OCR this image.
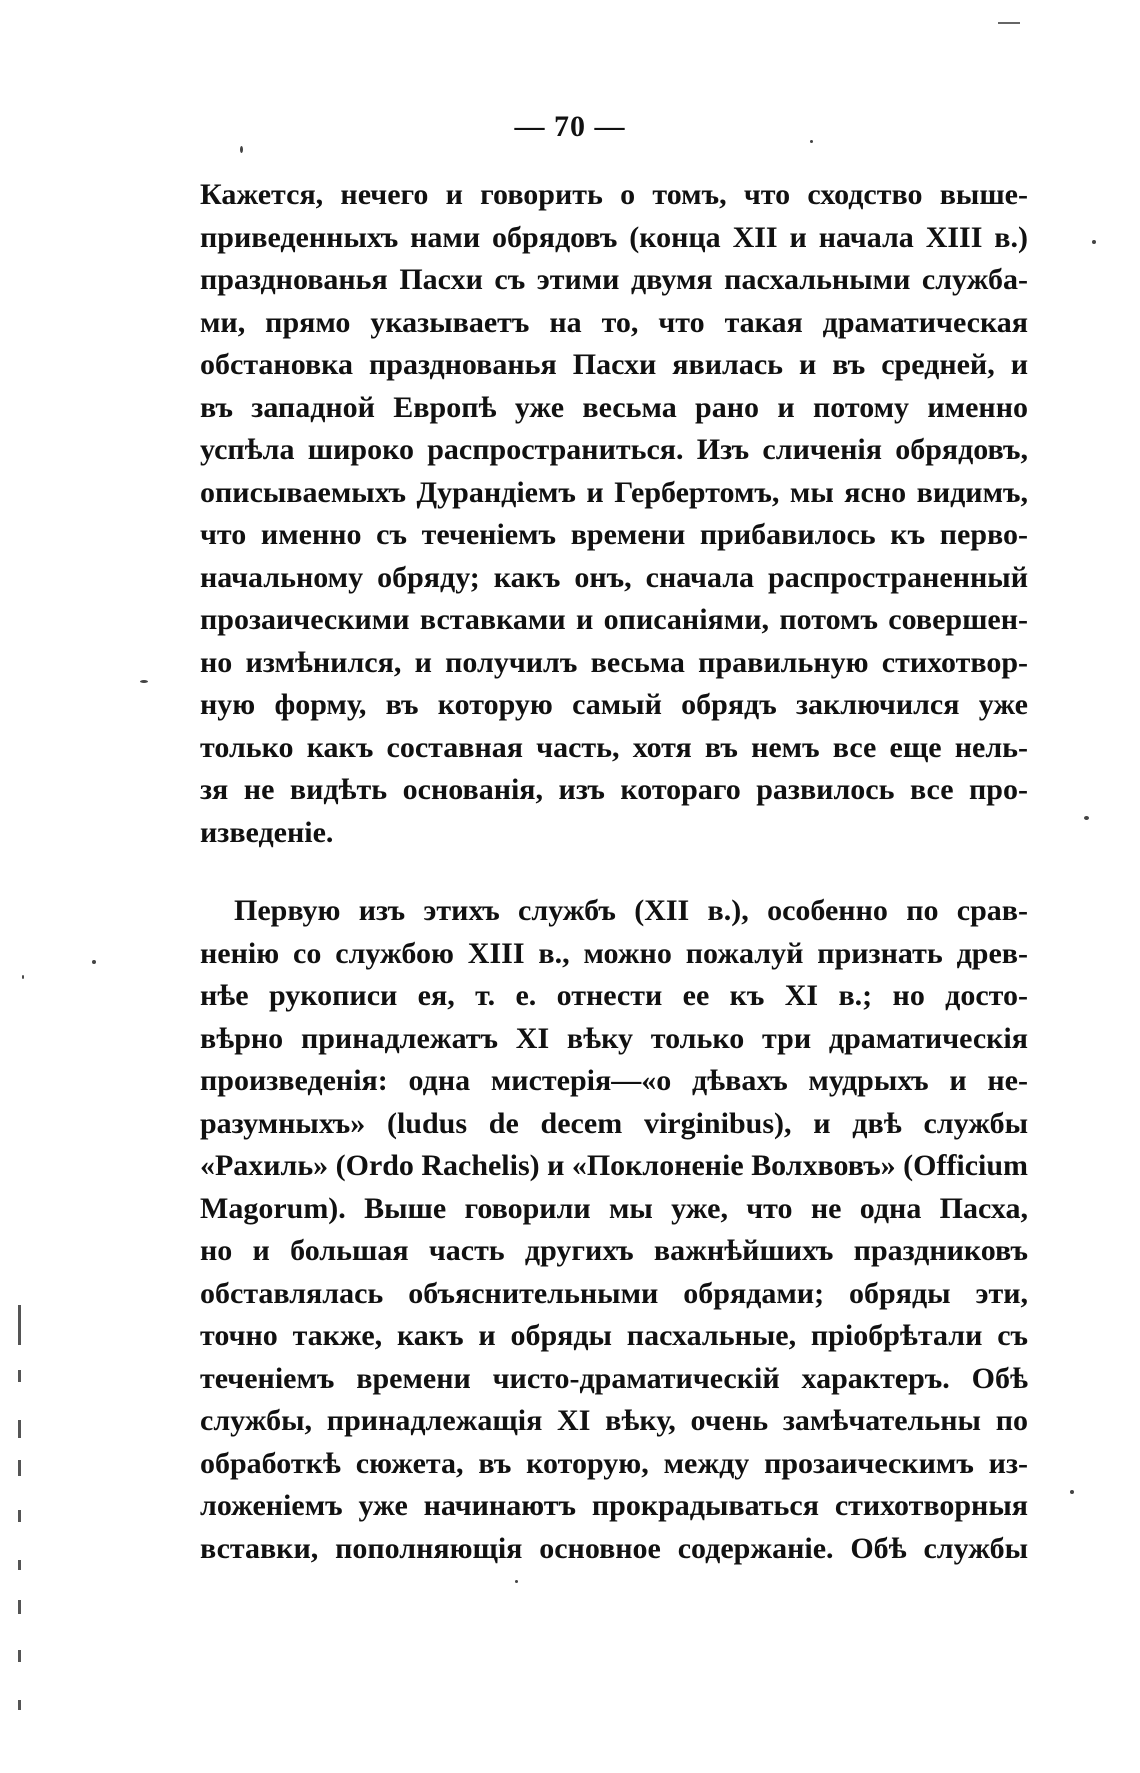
— 70 —
Кажется, нечего и говорить о томъ, что сходство выше-
приведенныхъ нами обрядовъ (конца XII и начала XIII в.)
празднованья Пасхи съ этими двумя пасхальными служба-
ми, прямо указываетъ на то, что такая драматическая
обстановка празднованья Пасхи явилась и въ средней, и
въ западной Европѣ уже весьма рано и потому именно
успѣла широко распространиться. Изъ сличенія обрядовъ,
описываемыхъ Дурандіемъ и Гербертомъ, мы ясно видимъ,
что именно съ теченіемъ времени прибавилось къ перво-
начальному обряду; какъ онъ, сначала распространенный
прозаическими вставками и описаніями, потомъ совершен-
но измѣнился, и получилъ весьма правильную стихотвор-
ную форму, въ которую самый обрядъ заключился уже
только какъ составная часть, хотя въ немъ все еще нель-
зя не видѣть основанія, изъ котораго развилось все про-
изведеніе.
Первую изъ этихъ службъ (XII в.), особенно по срав-
ненію со службою XIII в., можно пожалуй признать древ-
нѣе рукописи ея, т. е. отнести ее къ XI в.; но досто-
вѣрно принадлежатъ XI вѣку только три драматическія
произведенія: одна мистерія—«о дѣвахъ мудрыхъ и не-
разумныхъ» (ludus de decem virginibus), и двѣ службы
«Рахиль» (Ordo Rachelis) и «Поклоненіе Волхвовъ» (Officium
Magorum). Выше говорили мы уже, что не одна Пасха,
но и большая часть другихъ важнѣйшихъ праздниковъ
обставлялась объяснительными обрядами; обряды эти,
точно также, какъ и обряды пасхальные, пріобрѣтали съ
теченіемъ времени чисто-драматическій характеръ. Обѣ
службы, принадлежащія XI вѣку, очень замѣчательны по
обработкѣ сюжета, въ которую, между прозаическимъ из-
ложеніемъ уже начинаютъ прокрадываться стихотворныя
вставки, пополняющія основное содержаніе. Обѣ службы
